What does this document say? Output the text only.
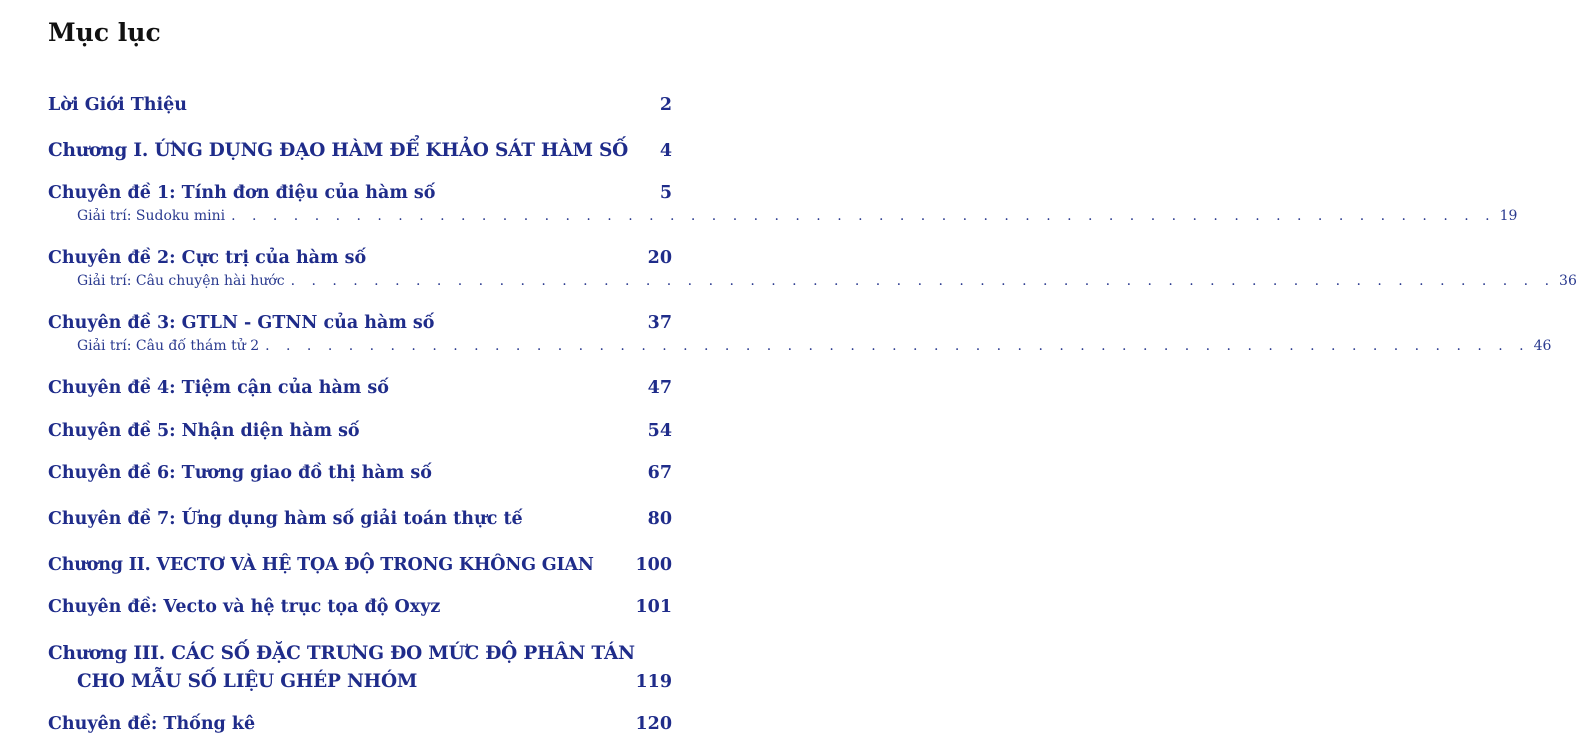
Mục lục
Lời Giới Thiệu	2
Chương I. ỨNG DỤNG ĐẠO HÀM ĐỂ KHẢO SÁT HÀM SỐ 4
Chuyên đề 1: Tính đơn điệu của hàm số	5
Giải trí: Sudoku mini . . . . . . . . . . . . . . . . . . . . . . . . . . . . . . . . . . . . . . . . . . . . . . . . . . . . . . . . . . . . . 19
Chuyên đề 2: Cực trị của hàm số	20
Giải trí: Câu chuyện hài hước . . . . . . . . . . . . . . . . . . . . . . . . . . . . . . . . . . . . . . . . . . . . . . . . . . . . . . . . . . . . . 36
Chuyên đề 3: GTLN - GTNN của hàm số	37
Giải trí: Câu đố thám tử 2 . . . . . . . . . . . . . . . . . . . . . . . . . . . . . . . . . . . . . . . . . . . . . . . . . . . . . . . . . . . . . 46
Chuyên đề 4: Tiệm cận của hàm số	47
Chuyên đề 5: Nhận diện hàm số	54
Chuyên đề 6: Tương giao đồ thị hàm số	67
Chuyên đề 7: Ứng dụng hàm số giải toán thực tế	80
Chương II. VECTƠ VÀ HỆ TỌA ĐỘ TRONG KHÔNG GIAN 100
Chuyên đề: Vecto và hệ trục tọa độ Oxyz	101
Chương III. CÁC SỐ ĐẶC TRƯNG ĐO MỨC ĐỘ PHÂN TÁN
CHO MẪU SỐ LIỆU GHÉP NHÓM	119
Chuyên đề: Thống kê	120
